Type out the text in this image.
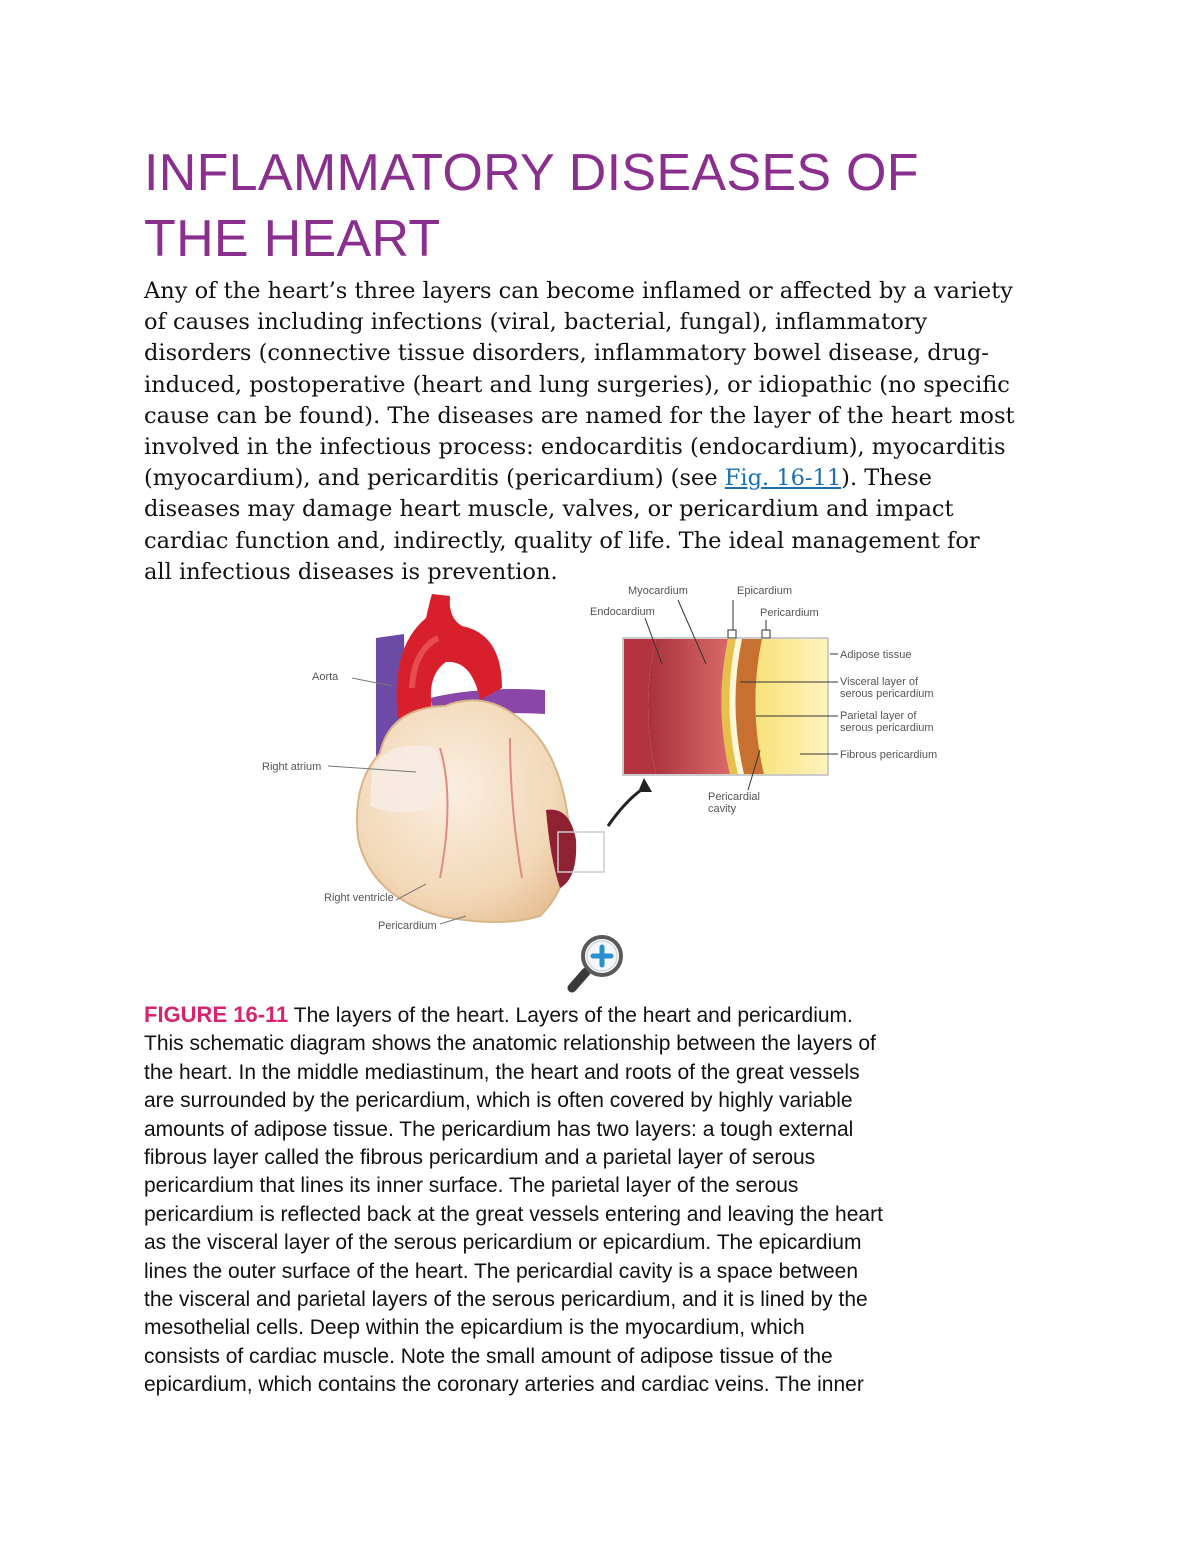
INFLAMMATORY DISEASES OF
THE HEART

Any of the heart’s three layers can become inflamed or affected by a variety
of causes including infections (viral, bacterial, fungal), inflammatory
disorders (connective tissue disorders, inflammatory bowel disease, drug-
induced, postoperative (heart and lung surgeries), or idiopathic (no specific
cause can be found). The diseases are named for the layer of the heart most
involved in the infectious process: endocarditis (endocardium), myocarditis
(myocardium), and pericarditis (pericardium) (see Fig. 16-11). These
diseases may damage heart muscle, valves, or pericardium and impact
cardiac function and, indirectly, quality of life. The ideal management for
all infectious diseases is prevention.

Aorta
Right atrium
Right ventricle
Pericardium
Myocardium
Endocardium
Epicardium
Pericardium
Adipose tissue
Visceral layer of
serous pericardium
Parietal layer of
serous pericardium
Fibrous pericardium
Pericardial
cavity

FIGURE 16-11 The layers of the heart. Layers of the heart and pericardium.
This schematic diagram shows the anatomic relationship between the layers of
the heart. In the middle mediastinum, the heart and roots of the great vessels
are surrounded by the pericardium, which is often covered by highly variable
amounts of adipose tissue. The pericardium has two layers: a tough external
fibrous layer called the fibrous pericardium and a parietal layer of serous
pericardium that lines its inner surface. The parietal layer of the serous
pericardium is reflected back at the great vessels entering and leaving the heart
as the visceral layer of the serous pericardium or epicardium. The epicardium
lines the outer surface of the heart. The pericardial cavity is a space between
the visceral and parietal layers of the serous pericardium, and it is lined by the
mesothelial cells. Deep within the epicardium is the myocardium, which
consists of cardiac muscle. Note the small amount of adipose tissue of the
epicardium, which contains the coronary arteries and cardiac veins. The inner
